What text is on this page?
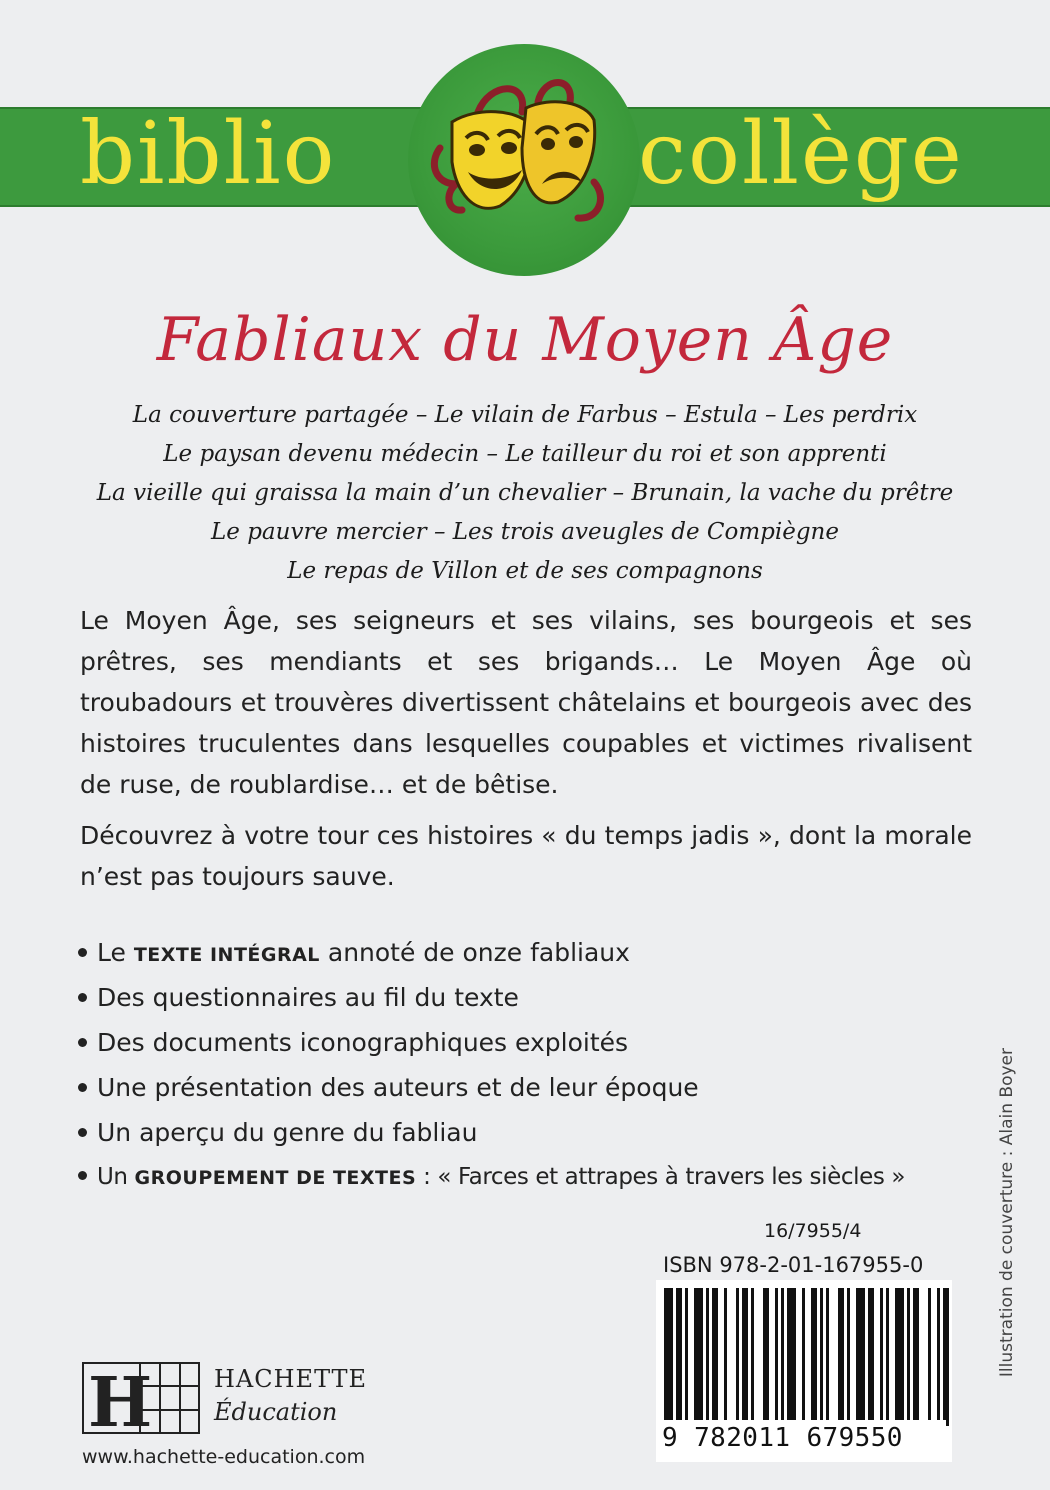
biblio	collège
Fabliaux du Moyen Âge
La couverture partagée – Le vilain de Farbus – Estula – Les perdrix
Le paysan devenu médecin – Le tailleur du roi et son apprenti
La vieille qui graissa la main d’un chevalier – Brunain, la vache du prêtre
Le pauvre mercier – Les trois aveugles de Compiègne
Le repas de Villon et de ses compagnons
Le Moyen Âge, ses seigneurs et ses vilains, ses bourgeois et ses prêtres, ses mendiants et ses brigands… Le Moyen Âge où troubadours et trouvères divertissent châtelains et bourgeois avec des histoires truculentes dans lesquelles coupables et victimes rivalisent de ruse, de roublardise… et de bêtise.
Découvrez à votre tour ces histoires « du temps jadis », dont la morale n’est pas toujours sauve.
Le TEXTE INTÉGRAL annoté de onze fabliaux
Des questionnaires au fil du texte
Des documents iconographiques exploités
Une présentation des auteurs et de leur époque
Un aperçu du genre du fabliau
Un GROUPEMENT DE TEXTES : « Farces et attrapes à travers les siècles »	Illustration de couverture : Alain Boyer
16/7955/4
ISBN 978-2-01-167955-0
9 782011 679550
H	HACHETTE
Éducation
www.hachette-education.com
